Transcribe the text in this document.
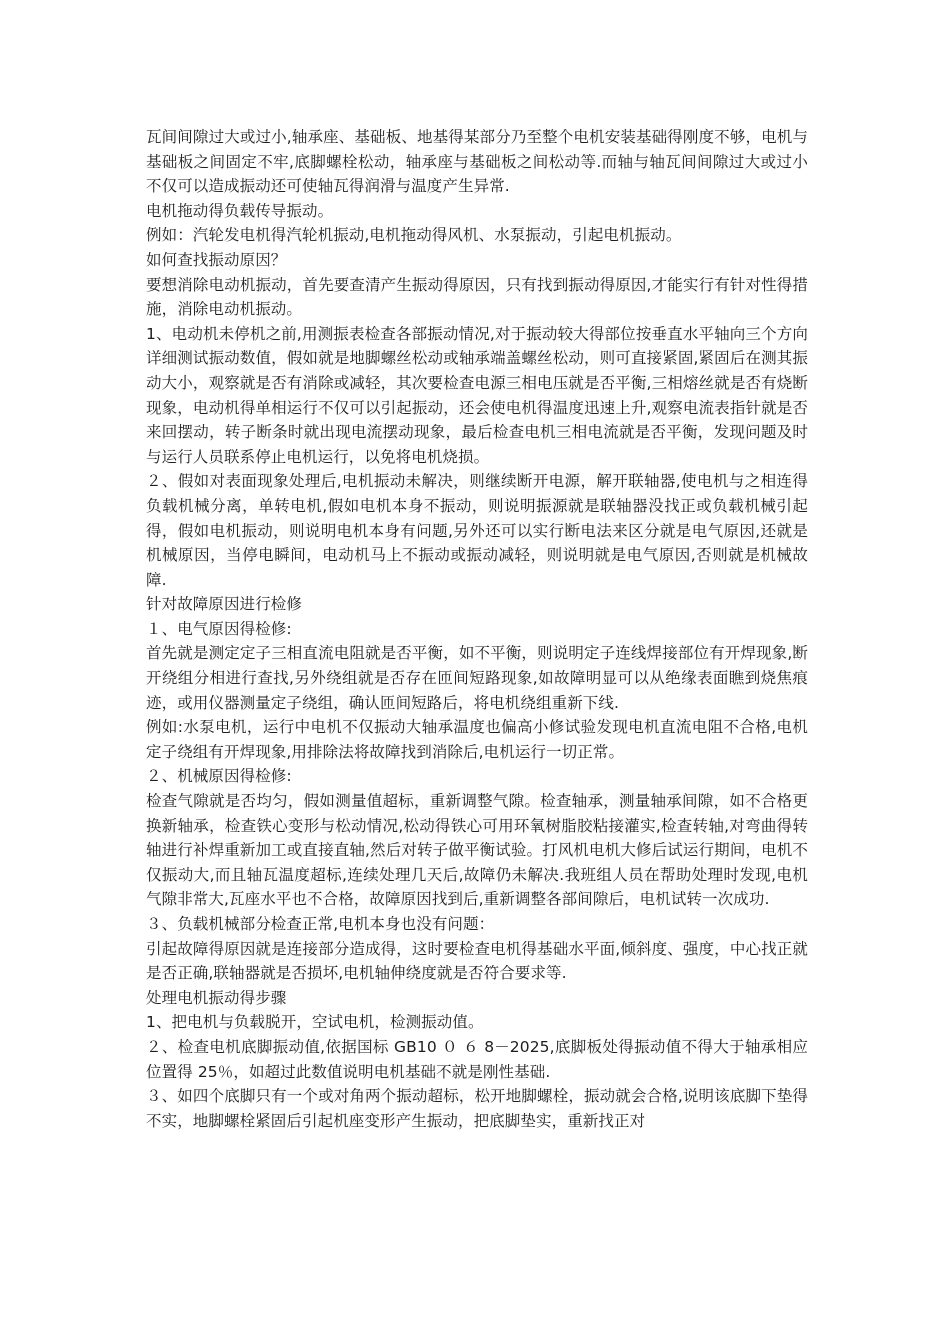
瓦间间隙过大或过小,轴承座、基础板、地基得某部分乃至整个电机安装基础得刚度不够，电机与基础板之间固定不牢,底脚螺栓松动，轴承座与基础板之间松动等.而轴与轴瓦间间隙过大或过小不仅可以造成振动还可使轴瓦得润滑与温度产生异常.

电机拖动得负载传导振动。

例如：汽轮发电机得汽轮机振动,电机拖动得风机、水泵振动，引起电机振动。

如何查找振动原因？

要想消除电动机振动，首先要查清产生振动得原因，只有找到振动得原因,才能实行有针对性得措施，消除电动机振动。

1、电动机未停机之前,用测振表检查各部振动情况,对于振动较大得部位按垂直水平轴向三个方向详细测试振动数值，假如就是地脚螺丝松动或轴承端盖螺丝松动，则可直接紧固,紧固后在测其振动大小，观察就是否有消除或减轻，其次要检查电源三相电压就是否平衡,三相熔丝就是否有烧断现象，电动机得单相运行不仅可以引起振动，还会使电机得温度迅速上升,观察电流表指针就是否来回摆动，转子断条时就出现电流摆动现象，最后检查电机三相电流就是否平衡，发现问题及时与运行人员联系停止电机运行，以免将电机烧损。

２、假如对表面现象处理后,电机振动未解决，则继续断开电源，解开联轴器,使电机与之相连得负载机械分离，单转电机,假如电机本身不振动，则说明振源就是联轴器没找正或负载机械引起得，假如电机振动，则说明电机本身有问题,另外还可以实行断电法来区分就是电气原因,还就是机械原因，当停电瞬间，电动机马上不振动或振动减轻，则说明就是电气原因,否则就是机械故障.

针对故障原因进行检修

１、电气原因得检修:

首先就是测定定子三相直流电阻就是否平衡，如不平衡，则说明定子连线焊接部位有开焊现象,断开绕组分相进行查找,另外绕组就是否存在匝间短路现象,如故障明显可以从绝缘表面瞧到烧焦痕迹，或用仪器测量定子绕组，确认匝间短路后，将电机绕组重新下线.

例如:水泵电机，运行中电机不仅振动大轴承温度也偏高小修试验发现电机直流电阻不合格,电机定子绕组有开焊现象,用排除法将故障找到消除后,电机运行一切正常。

２、机械原因得检修:

检查气隙就是否均匀，假如测量值超标，重新调整气隙。检查轴承，测量轴承间隙，如不合格更换新轴承，检查铁心变形与松动情况,松动得铁心可用环氧树脂胶粘接灌实,检查转轴,对弯曲得转轴进行补焊重新加工或直接直轴,然后对转子做平衡试验。打风机电机大修后试运行期间，电机不仅振动大,而且轴瓦温度超标,连续处理几天后,故障仍未解决.我班组人员在帮助处理时发现,电机气隙非常大,瓦座水平也不合格，故障原因找到后,重新调整各部间隙后，电机试转一次成功.

３、负载机械部分检查正常,电机本身也没有问题：

引起故障得原因就是连接部分造成得，这时要检查电机得基础水平面,倾斜度、强度，中心找正就是否正确,联轴器就是否损坏,电机轴伸绕度就是否符合要求等.

处理电机振动得步骤

1、把电机与负载脱开，空试电机，检测振动值。

２、检查电机底脚振动值,依据国标 GB10 ０ ６ 8－2025,底脚板处得振动值不得大于轴承相应位置得 25％，如超过此数值说明电机基础不就是刚性基础.

３、如四个底脚只有一个或对角两个振动超标，松开地脚螺栓，振动就会合格,说明该底脚下垫得不实，地脚螺栓紧固后引起机座变形产生振动，把底脚垫实，重新找正对
